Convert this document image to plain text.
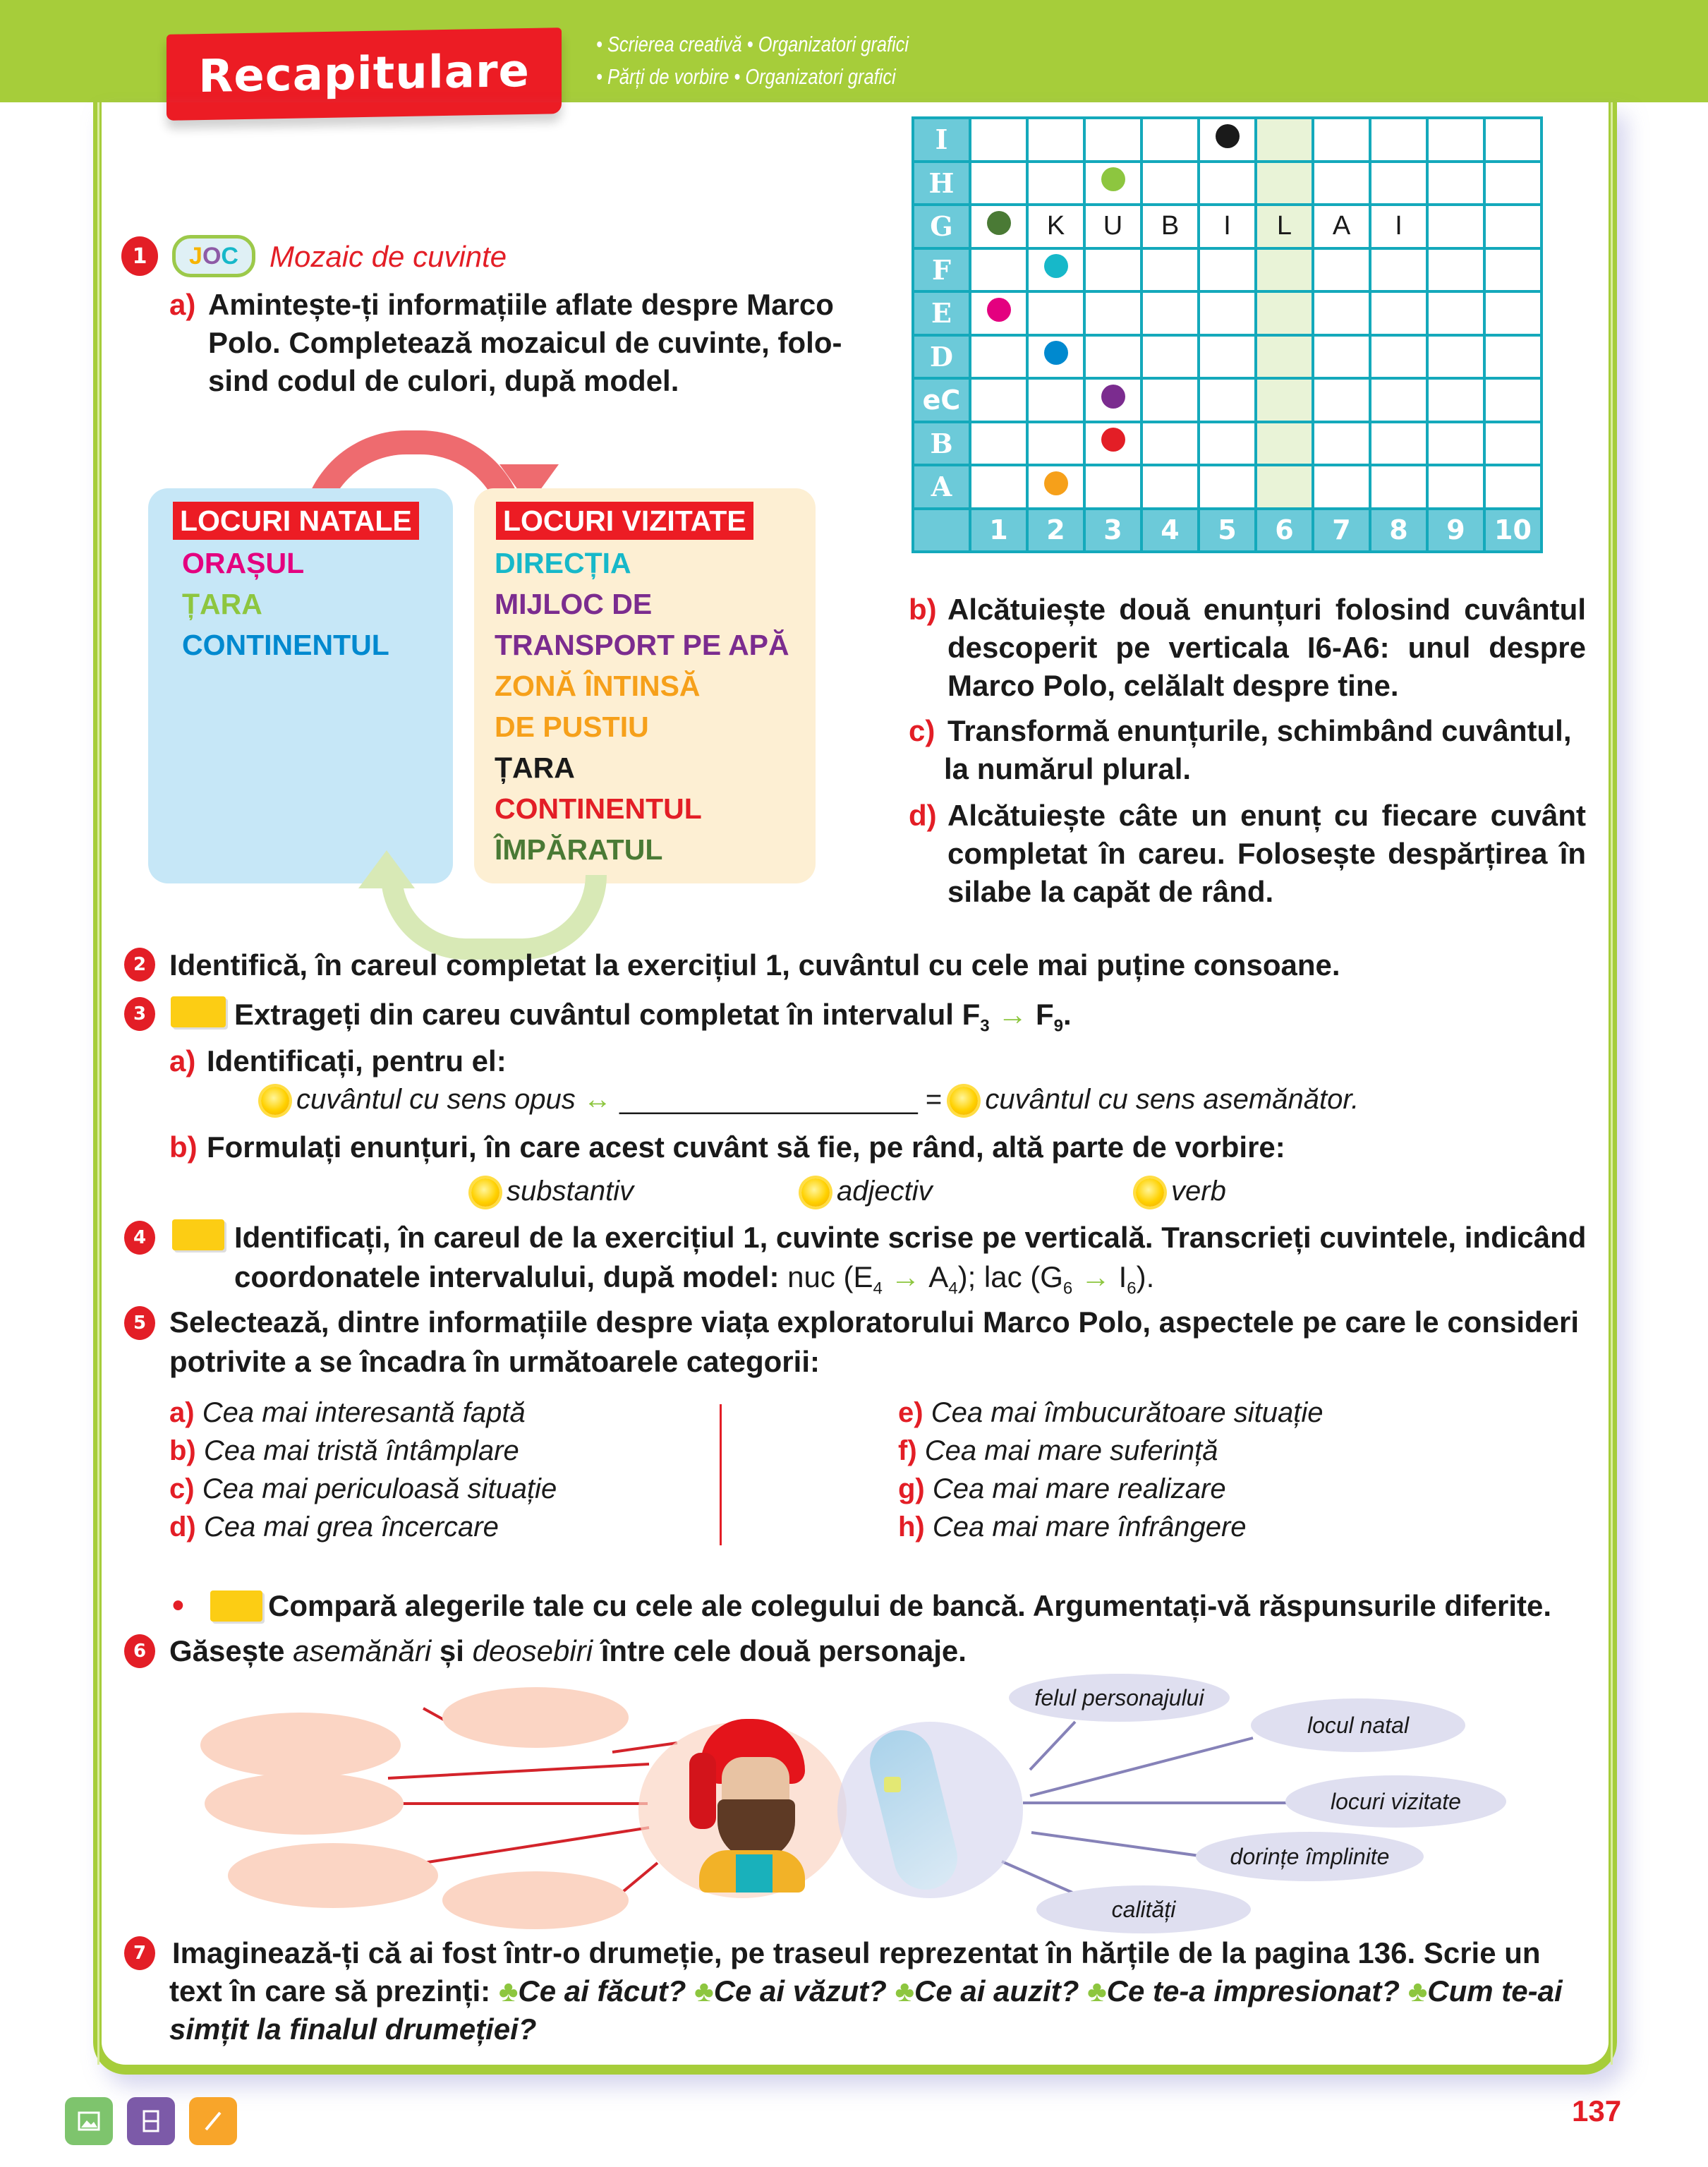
Recapitulare
• Scrierea creativă • Organizatori grafici
• Părți de vorbire • Organizatori grafici
1	J O C Mozaic de cuvinte
a) Amintește-ți informațiile aflate despre Marco
Polo. Completează mozaicul de cuvinte, folo-
sind codul de culori, după model.
LOCURI NATALE
ORAȘUL
ȚARA
CONTINENTUL
LOCURI VIZITATE
DIRECȚIA
MIJLOC DE
TRANSPORT PE APĂ
ZONĂ ÎNTINSĂ
DE PUSTIU
ȚARA
CONTINENTUL
ÎMPĂRATUL
I										
H										
G		K	U	B	I	L	A	I		
F										
E										
D										
eC										
B										
A										
	1	2	3	4	5	6	7	8	9	10
b) Alcătuiește două enunțuri folosind cuvântul
descoperit pe verticala I6-A6: unul despre
Marco Polo, celălalt despre tine.
c) Transformă enunțurile, schimbând cuvântul,
la numărul plural.
d) Alcătuiește câte un enunț cu fiecare cuvânt
completat în careu. Folosește despărțirea în
silabe la capăt de rând.
2 Identifică, în careul completat la exercițiul 1, cuvântul cu cele mai puține consoane.
3	Extrageți din careu cuvântul completat în intervalul $F_3 \to F_9$.
a) Identificați, pentru el:
cuvântul cu sens opus ↔ ___________________ = cuvântul cu sens asemănător.
b) Formulați enunțuri, în care acest cuvânt să fie, pe rând, altă parte de vorbire:
substantiv	adjectiv	verb
4	Identificați, în careul de la exercițiul 1, cuvinte scrise pe verticală. Transcrieți cuvintele, indicând
coordonatele intervalului, după model: nuc $(E_4 \to A_4)$; lac $(G_6 \to I_6)$.
5 Selectează, dintre informațiile despre viața exploratorului Marco Polo, aspectele pe care le consideri
potrivite a se încadra în următoarele categorii:
a) Cea mai interesantă faptă
b) Cea mai tristă întâmplare
c) Cea mai periculoasă situație
d) Cea mai grea încercare
e) Cea mai îmbucurătoare situație
f) Cea mai mare suferință
g) Cea mai mare realizare
h) Cea mai mare înfrângere
•	Compară alegerile tale cu cele ale colegului de bancă. Argumentați-vă răspunsurile diferite.
6 Găsește asemănări și deosebiri între cele două personaje.
felul personajului
locul natal
locuri vizitate
dorințe împlinite
calități
7 Imaginează-ți că ai fost într-o drumeție, pe traseul reprezentat în hărțile de la pagina 136. Scrie un
text în care să prezinți: ♣Ce ai făcut? ♣Ce ai văzut? ♣Ce ai auzit? ♣Ce te-a impresionat? ♣Cum te-ai
simțit la finalul drumeției?
137
